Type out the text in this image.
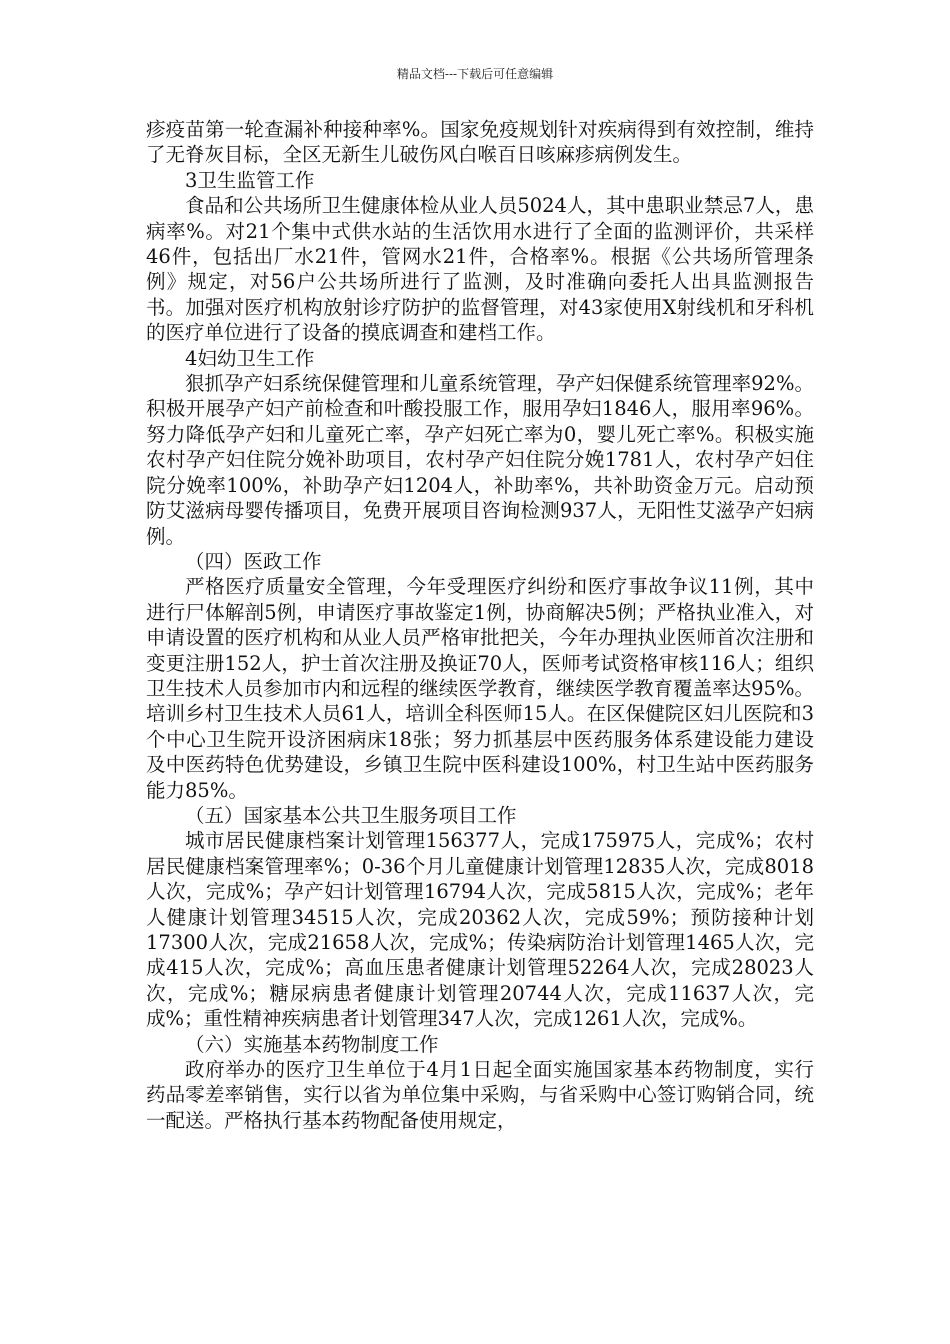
精品文档---下载后可任意编辑

疹疫苗第一轮查漏补种接种率%。国家免疫规划针对疾病得到有效控制，维持了无脊灰目标，全区无新生儿破伤风白喉百日咳麻疹病例发生。

3卫生监管工作

食品和公共场所卫生健康体检从业人员5024人，其中患职业禁忌7人，患病率%。对21个集中式供水站的生活饮用水进行了全面的监测评价，共采样46件，包括出厂水21件，管网水21件，合格率%。根据《公共场所管理条例》规定，对56户公共场所进行了监测，及时准确向委托人出具监测报告书。加强对医疗机构放射诊疗防护的监督管理，对43家使用X射线机和牙科机的医疗单位进行了设备的摸底调查和建档工作。

4妇幼卫生工作

狠抓孕产妇系统保健管理和儿童系统管理，孕产妇保健系统管理率92%。积极开展孕产妇产前检查和叶酸投服工作，服用孕妇1846人，服用率96%。努力降低孕产妇和儿童死亡率，孕产妇死亡率为0，婴儿死亡率%。积极实施农村孕产妇住院分娩补助项目，农村孕产妇住院分娩1781人，农村孕产妇住院分娩率100%，补助孕产妇1204人，补助率%，共补助资金万元。启动预防艾滋病母婴传播项目，免费开展项目咨询检测937人，无阳性艾滋孕产妇病例。

（四）医政工作

严格医疗质量安全管理，今年受理医疗纠纷和医疗事故争议11例，其中进行尸体解剖5例，申请医疗事故鉴定1例，协商解决5例；严格执业准入，对申请设置的医疗机构和从业人员严格审批把关，今年办理执业医师首次注册和变更注册152人，护士首次注册及换证70人，医师考试资格审核116人；组织卫生技术人员参加市内和远程的继续医学教育，继续医学教育覆盖率达95%。培训乡村卫生技术人员61人，培训全科医师15人。在区保健院区妇儿医院和3个中心卫生院开设济困病床18张；努力抓基层中医药服务体系建设能力建设及中医药特色优势建设，乡镇卫生院中医科建设100%，村卫生站中医药服务能力85%。

（五）国家基本公共卫生服务项目工作

城市居民健康档案计划管理156377人，完成175975人，完成%；农村居民健康档案管理率%；0-36个月儿童健康计划管理12835人次，完成8018人次，完成%；孕产妇计划管理16794人次，完成5815人次，完成%；老年人健康计划管理34515人次，完成20362人次，完成59%；预防接种计划17300人次，完成21658人次，完成%；传染病防治计划管理1465人次，完成415人次，完成%；高血压患者健康计划管理52264人次，完成28023人次，完成%；糖尿病患者健康计划管理20744人次，完成11637人次，完成%；重性精神疾病患者计划管理347人次，完成1261人次，完成%。

（六）实施基本药物制度工作

政府举办的医疗卫生单位于4月1日起全面实施国家基本药物制度，实行药品零差率销售，实行以省为单位集中采购，与省采购中心签订购销合同，统一配送。严格执行基本药物配备使用规定，
